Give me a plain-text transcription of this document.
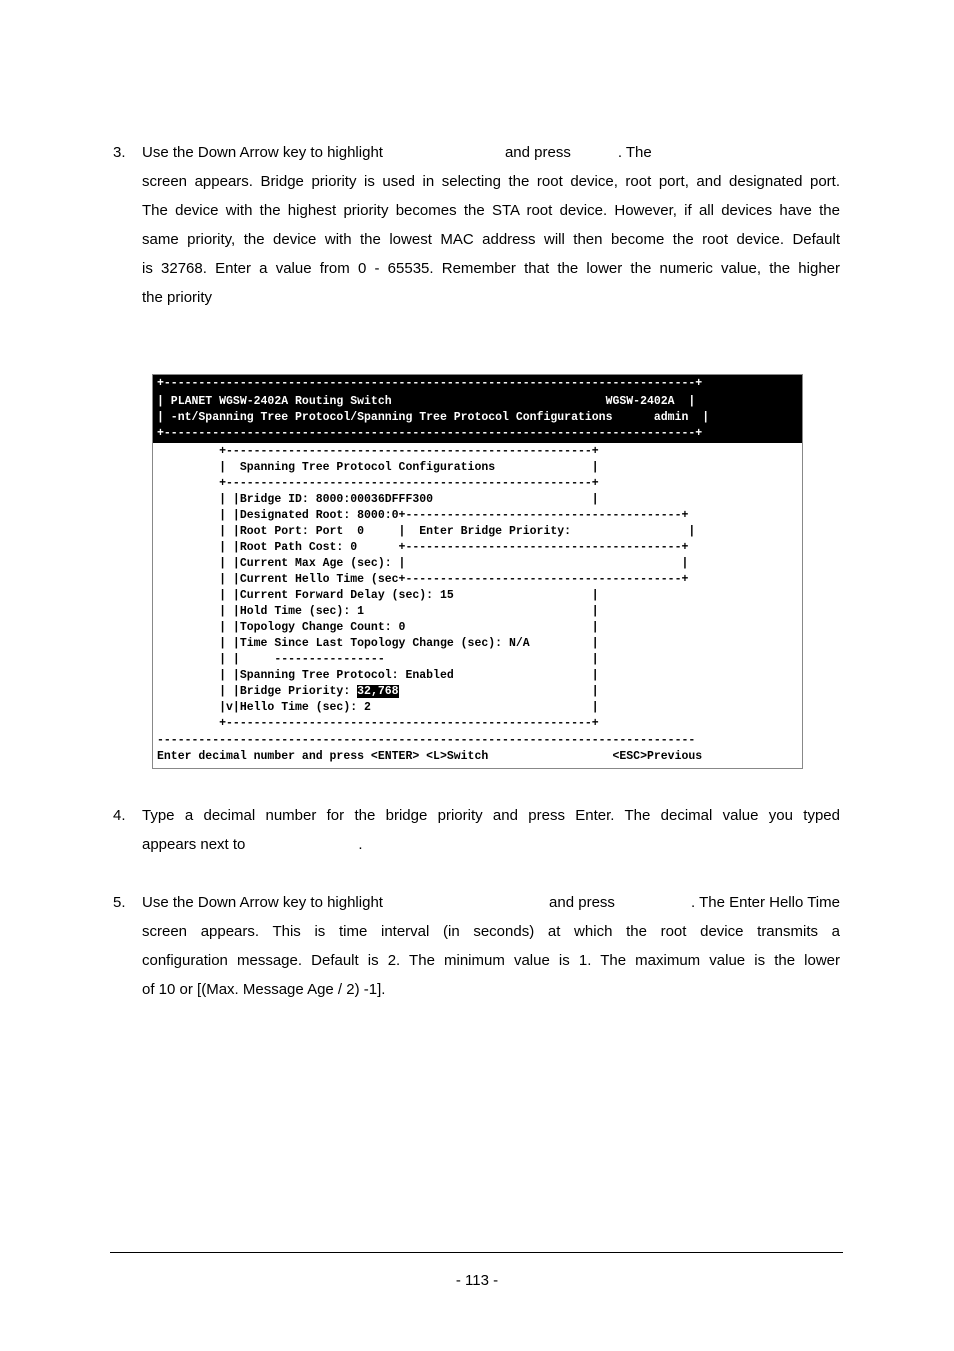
3. Use the Down Arrow key to highlight	and press	. The
screen appears. Bridge priority is used in selecting the root device, root port, and designated port.
The device with the highest priority becomes the STA root device. However, if all devices have the
same priority, the device with the lowest MAC address will then become the root device. Default
is 32768. Enter a value from 0 - 65535. Remember that the lower the numeric value, the higher
the priority
+-----------------------------------------------------------------------------+
| PLANET WGSW-2402A Routing Switch                               WGSW-2402A  |
| -nt/Spanning Tree Protocol/Spanning Tree Protocol Configurations      admin  |
+-----------------------------------------------------------------------------+
+-----------------------------------------------------+
|  Spanning Tree Protocol Configurations              |
+-----------------------------------------------------+
| |Bridge ID: 8000:00036DFFF300                       |
| |Designated Root: 8000:0+----------------------------------------+
| |Root Port: Port  0     |  Enter Bridge Priority:                 |
| |Root Path Cost: 0      +----------------------------------------+
| |Current Max Age (sec): |                                        |
| |Current Hello Time (sec+----------------------------------------+
| |Current Forward Delay (sec): 15                    |
| |Hold Time (sec): 1                                 |
| |Topology Change Count: 0                           |
| |Time Since Last Topology Change (sec): N/A         |
| |     ----------------                              |
| |Spanning Tree Protocol: Enabled                    |
| |Bridge Priority: 32,768                            |
|v|Hello Time (sec): 2                                |
+-----------------------------------------------------+
------------------------------------------------------------------------------
Enter decimal number and press <ENTER> <L>Switch                  <ESC>Previous
4. Type a decimal number for the bridge priority and press Enter. The decimal value you typed
appears next to	.
5. Use the Down Arrow key to highlight	and press	. The Enter Hello Time
screen appears. This is time interval (in seconds) at which the root device transmits a
configuration message. Default is 2. The minimum value is 1. The maximum value is the lower
of 10 or [(Max. Message Age / 2) -1].
- 113 -
